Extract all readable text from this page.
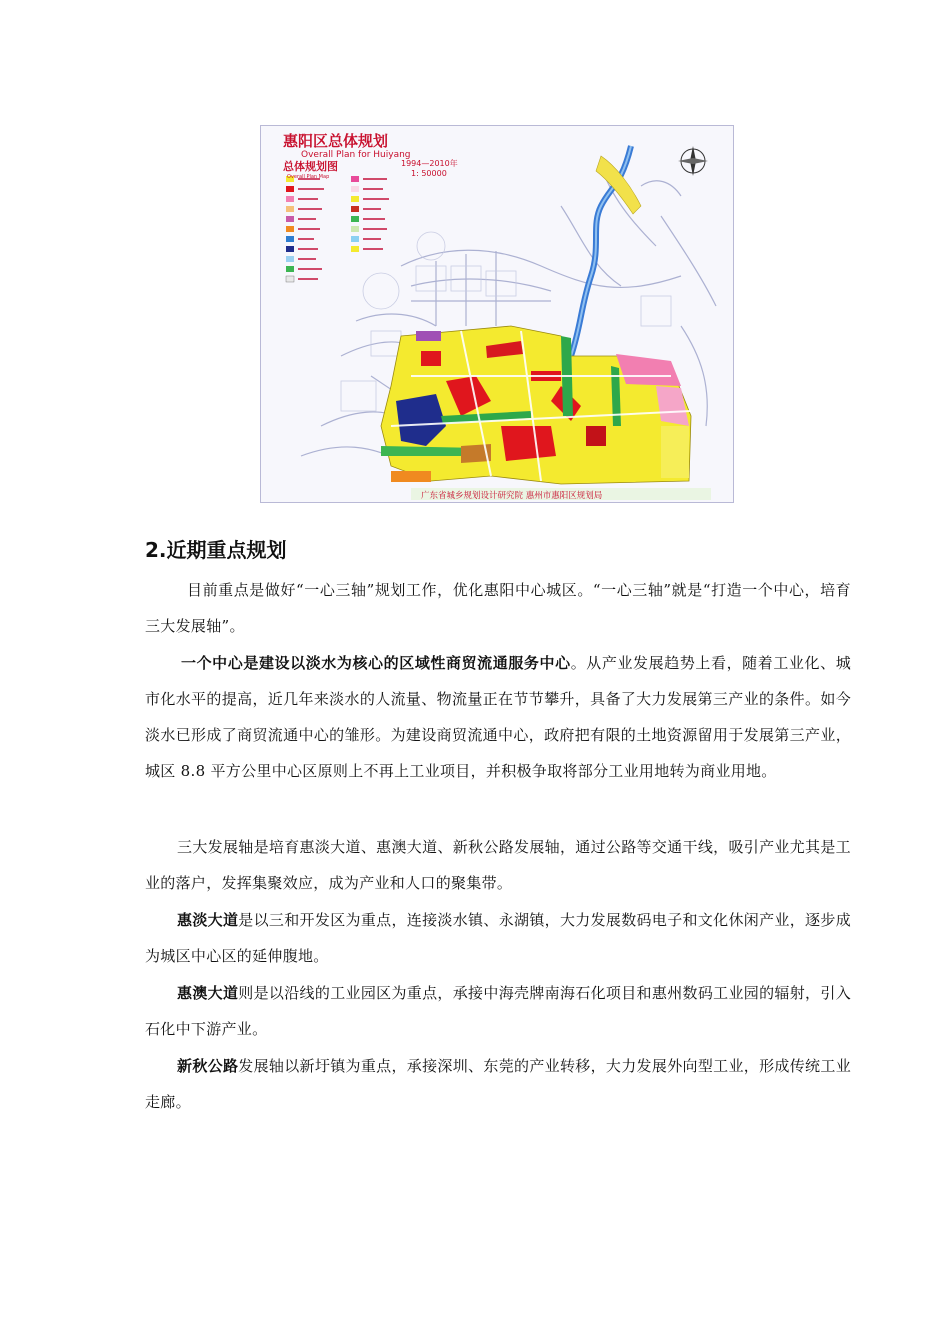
惠阳区总体规划
Overall Plan for Huiyang
总体规划图	1994—2010年
Overall Plan Map	1: 50000
广东省城乡规划设计研究院 惠州市惠阳区规划局
2.近期重点规划

目前重点是做好“一心三轴”规划工作，优化惠阳中心城区。“一心三轴”就是“打造一个中心，培育三大发展轴”。

一个中心是建设以淡水为核心的区域性商贸流通服务中心。从产业发展趋势上看，随着工业化、城市化水平的提高，近几年来淡水的人流量、物流量正在节节攀升，具备了大力发展第三产业的条件。如今淡水已形成了商贸流通中心的雏形。为建设商贸流通中心，政府把有限的土地资源留用于发展第三产业，城区 8.8 平方公里中心区原则上不再上工业项目，并积极争取将部分工业用地转为商业用地。

三大发展轴是培育惠淡大道、惠澳大道、新秋公路发展轴，通过公路等交通干线，吸引产业尤其是工业的落户，发挥集聚效应，成为产业和人口的聚集带。

惠淡大道是以三和开发区为重点，连接淡水镇、永湖镇，大力发展数码电子和文化休闲产业，逐步成为城区中心区的延伸腹地。

惠澳大道则是以沿线的工业园区为重点，承接中海壳牌南海石化项目和惠州数码工业园的辐射，引入石化中下游产业。

新秋公路发展轴以新圩镇为重点，承接深圳、东莞的产业转移，大力发展外向型工业，形成传统工业走廊。
